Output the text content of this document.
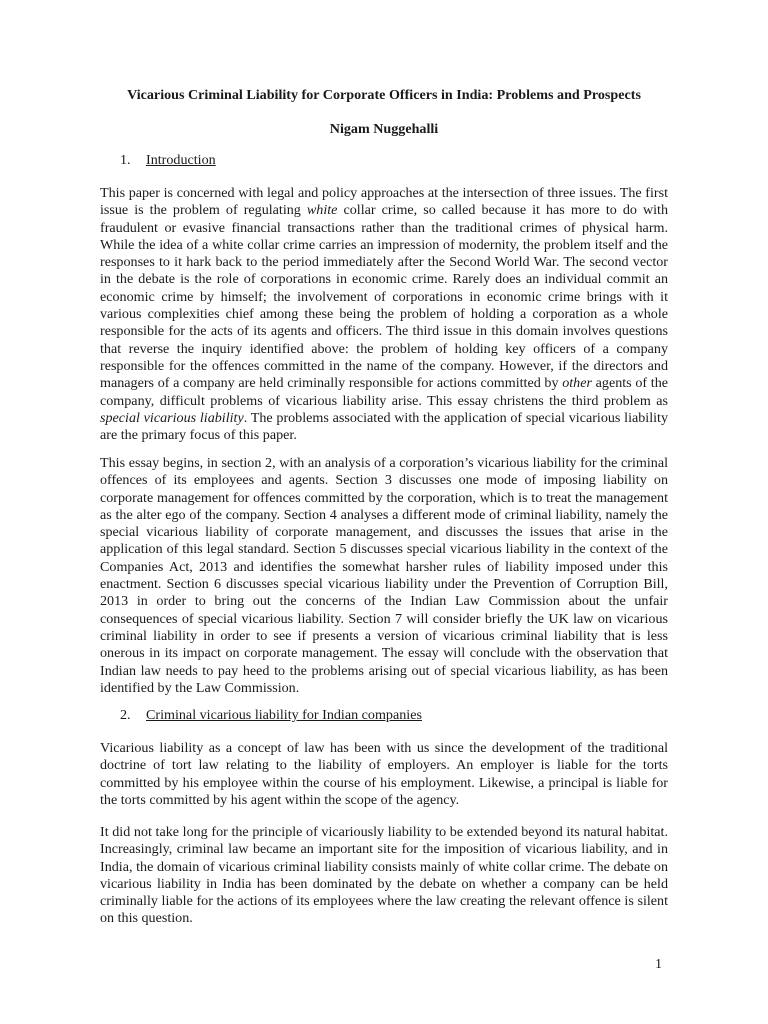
Vicarious Criminal Liability for Corporate Officers in India: Problems and Prospects
Nigam Nuggehalli
1. Introduction

This paper is concerned with legal and policy approaches at the intersection of three issues. The first issue is the problem of regulating white collar crime, so called because it has more to do with fraudulent or evasive financial transactions rather than the traditional crimes of physical harm. While the idea of a white collar crime carries an impression of modernity, the problem itself and the responses to it hark back to the period immediately after the Second World War. The second vector in the debate is the role of corporations in economic crime. Rarely does an individual commit an economic crime by himself; the involvement of corporations in economic crime brings with it various complexities chief among these being the problem of holding a corporation as a whole responsible for the acts of its agents and officers. The third issue in this domain involves questions that reverse the inquiry identified above: the problem of holding key officers of a company responsible for the offences committed in the name of the company. However, if the directors and managers of a company are held criminally responsible for actions committed by other agents of the company, difficult problems of vicarious liability arise. This essay christens the third problem as special vicarious liability. The problems associated with the application of special vicarious liability are the primary focus of this paper.

This essay begins, in section 2, with an analysis of a corporation’s vicarious liability for the criminal offences of its employees and agents. Section 3 discusses one mode of imposing liability on corporate management for offences committed by the corporation, which is to treat the management as the alter ego of the company. Section 4 analyses a different mode of criminal liability, namely the special vicarious liability of corporate management, and discusses the issues that arise in the application of this legal standard. Section 5 discusses special vicarious liability in the context of the Companies Act, 2013 and identifies the somewhat harsher rules of liability imposed under this enactment. Section 6 discusses special vicarious liability under the Prevention of Corruption Bill, 2013 in order to bring out the concerns of the Indian Law Commission about the unfair consequences of special vicarious liability. Section 7 will consider briefly the UK law on vicarious criminal liability in order to see if presents a version of vicarious criminal liability that is less onerous in its impact on corporate management. The essay will conclude with the observation that Indian law needs to pay heed to the problems arising out of special vicarious liability, as has been identified by the Law Commission.

2. Criminal vicarious liability for Indian companies

Vicarious liability as a concept of law has been with us since the development of the traditional doctrine of tort law relating to the liability of employers. An employer is liable for the torts committed by his employee within the course of his employment. Likewise, a principal is liable for the torts committed by his agent within the scope of the agency.

It did not take long for the principle of vicariously liability to be extended beyond its natural habitat. Increasingly, criminal law became an important site for the imposition of vicarious liability, and in India, the domain of vicarious criminal liability consists mainly of white collar crime. The debate on vicarious liability in India has been dominated by the debate on whether a company can be held criminally liable for the actions of its employees where the law creating the relevant offence is silent on this question.

1
